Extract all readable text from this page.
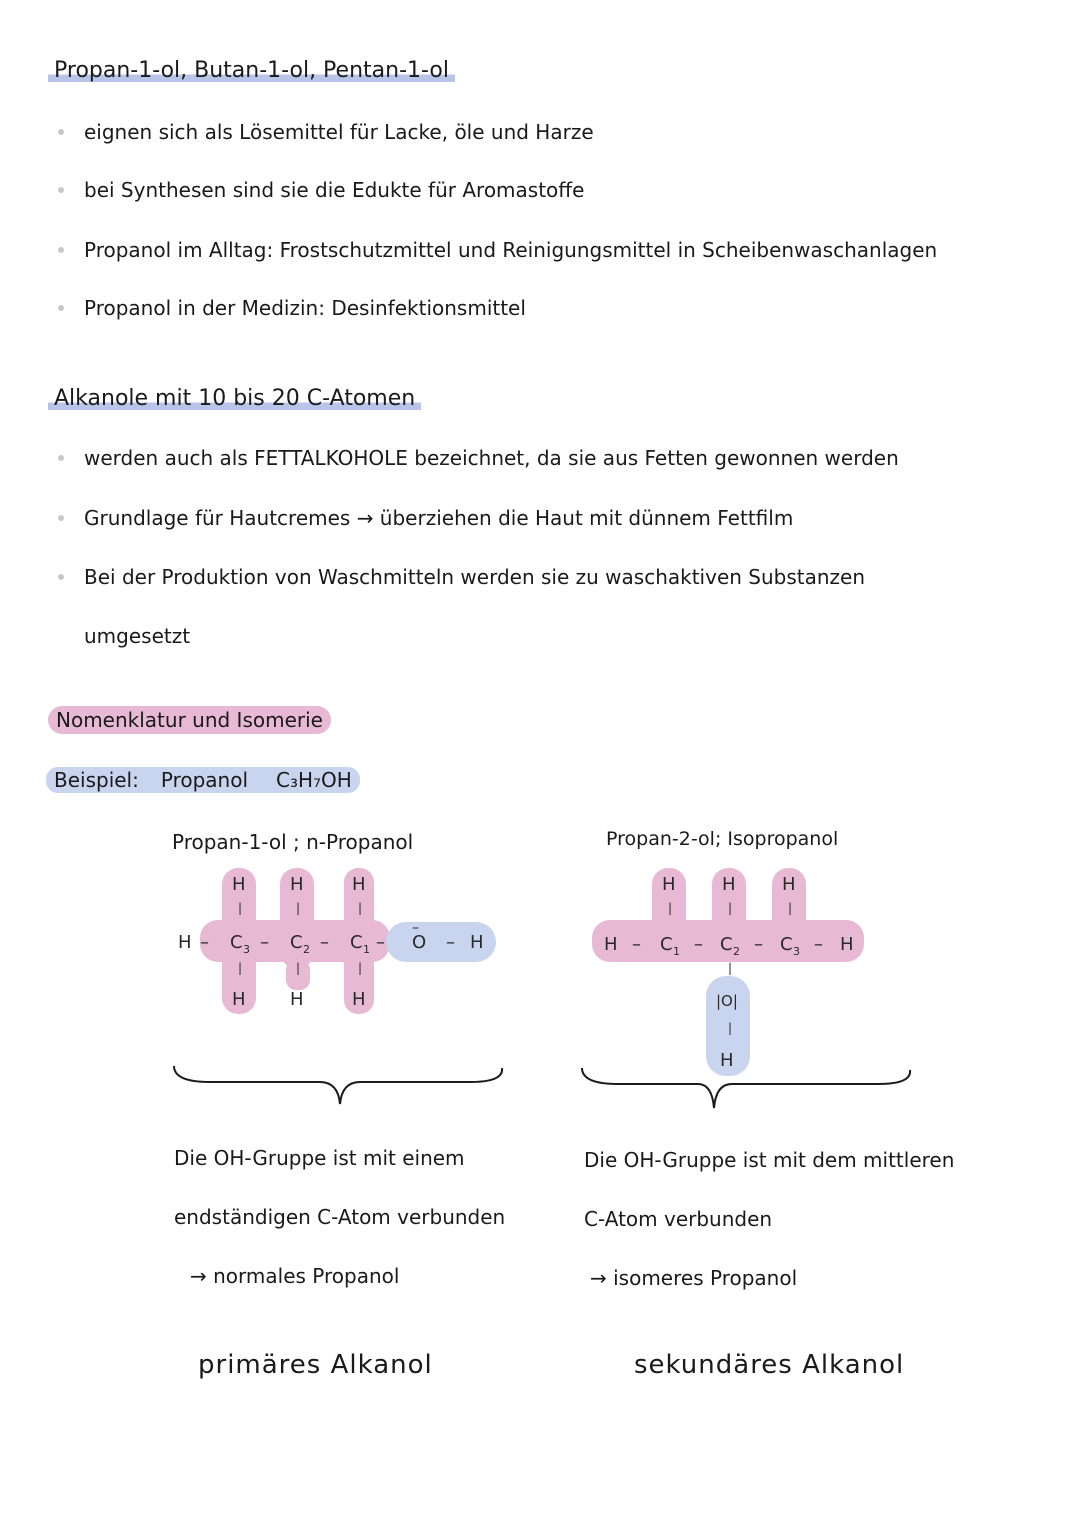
Propan-1-ol, Butan-1-ol, Pentan-1-ol
eignen sich als Lösemittel für Lacke, öle und Harze
bei Synthesen sind sie die Edukte für Aromastoffe
Propanol im Alltag: Frostschutzmittel und Reinigungsmittel in Scheibenwaschanlagen
Propanol in der Medizin: Desinfektionsmittel
Alkanole mit 10 bis 20 C-Atomen
werden auch als FETTALKOHOLE bezeichnet, da sie aus Fetten gewonnen werden
Grundlage für Hautcremes → überziehen die Haut mit dünnem Fettfilm
Bei der Produktion von Waschmitteln werden sie zu waschaktiven Substanzen
umgesetzt
Nomenklatur und Isomerie
Beispiel:	Propanol	C₃H₇OH
Propan-1-ol ; n-Propanol
H H	H
|	|	|
H – C 3 – C 2 – C 1 – O
–
– H
|	|	|
H H	H
Die OH-Gruppe ist mit einem
endständigen C-Atom verbunden
→ normales Propanol
primäres Alkanol
Propan-2-ol; Isopropanol
H	H	H
|	|	|
H – C 1 – C 2 – C 3 – H
|
|O|
|
H
Die OH-Gruppe ist mit dem mittleren
C-Atom verbunden
→ isomeres Propanol
sekundäres Alkanol
